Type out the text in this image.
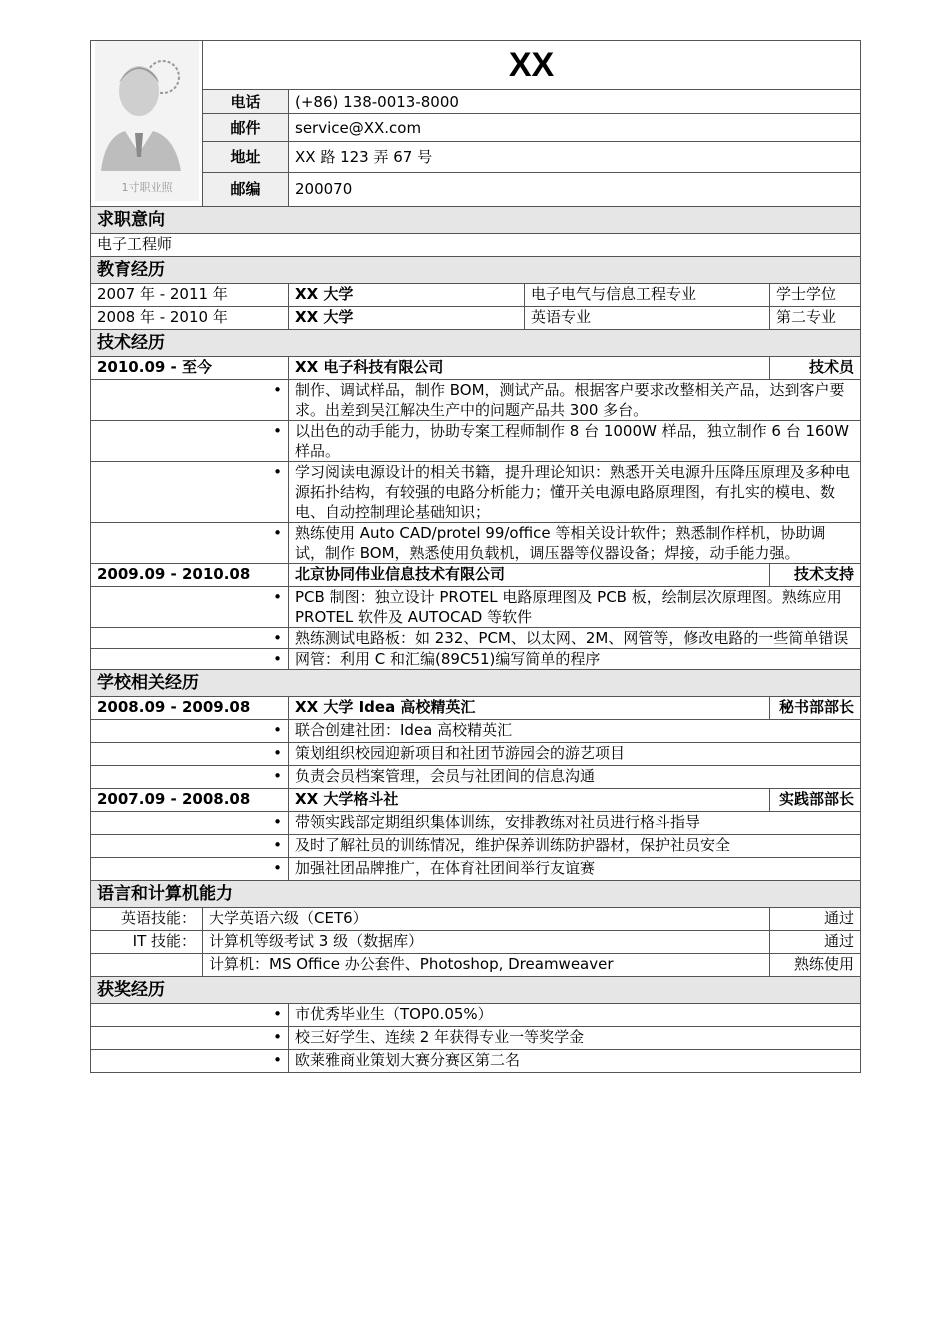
1寸职业照	XX			
	电话	(+86) 138-0013-8000		
	邮件	service@XX.com		
	地址	XX 路 123 弄 67 号		
	邮编	200070		
求职意向				
电子工程师				
教育经历				
2007 年 - 2011 年		XX 大学	电子电气与信息工程专业	学士学位
2008 年 - 2010 年		XX 大学	英语专业	第二专业
技术经历				
2010.09 - 至今		XX 电子科技有限公司		技术员
•		制作、调试样品，制作 BOM，测试产品。根据客户要求改整相关产品，达到客户要求。出差到吴江解决生产中的问题产品共 300 多台。		
•		以出色的动手能力，协助专案工程师制作 8 台 1000W 样品，独立制作 6 台 160W 样品。		
•		学习阅读电源设计的相关书籍，提升理论知识：熟悉开关电源升压降压原理及多种电源拓扑结构，有较强的电路分析能力；懂开关电源电路原理图，有扎实的模电、数电、自动控制理论基础知识；		
•		熟练使用 Auto CAD/protel 99/office 等相关设计软件；熟悉制作样机，协助调试，制作 BOM，熟悉使用负载机，调压器等仪器设备；焊接，动手能力强。		
2009.09 - 2010.08		北京协同伟业信息技术有限公司		技术支持
•		PCB 制图：独立设计 PROTEL 电路原理图及 PCB 板，绘制层次原理图。熟练应用 PROTEL 软件及 AUTOCAD 等软件		
•		熟练测试电路板：如 232、PCM、以太网、2M、网管等，修改电路的一些简单错误		
•		网管：利用 C 和汇编(89C51)编写简单的程序		
学校相关经历				
2008.09 - 2009.08		XX 大学 Idea 高校精英汇		秘书部部长
•		联合创建社团：Idea 高校精英汇		
•		策划组织校园迎新项目和社团节游园会的游艺项目		
•		负责会员档案管理，会员与社团间的信息沟通		
2007.09 - 2008.08		XX 大学格斗社		实践部部长
•		带领实践部定期组织集体训练，安排教练对社员进行格斗指导		
•		及时了解社员的训练情况，维护保养训练防护器材，保护社员安全		
•		加强社团品牌推广，在体育社团间举行友谊赛		
语言和计算机能力				
英语技能：	大学英语六级（CET6）			通过
IT 技能：	计算机等级考试 3 级（数据库）			通过
	计算机：MS Office 办公套件、Photoshop, Dreamweaver			熟练使用
获奖经历				
•		市优秀毕业生（TOP0.05%）		
•		校三好学生、连续 2 年获得专业一等奖学金		
•		欧莱雅商业策划大赛分赛区第二名		
